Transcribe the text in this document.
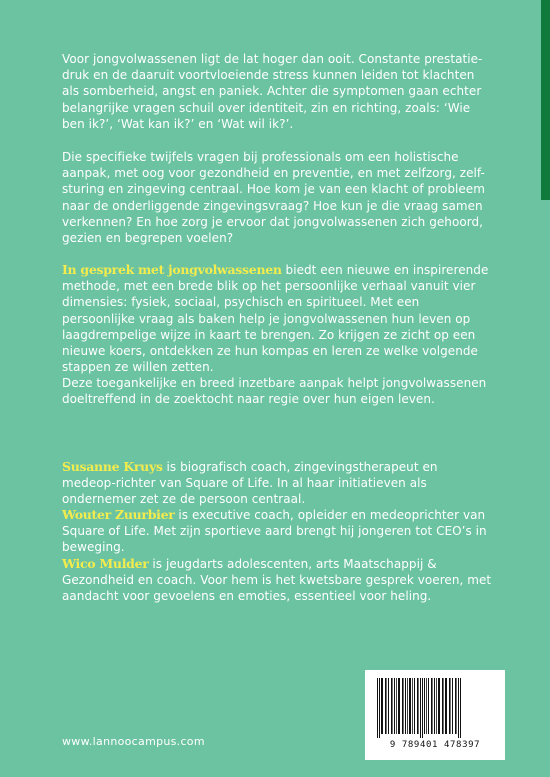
Voor jongvolwassenen ligt de lat hoger dan ooit. Constante prestatie-druk en de daaruit voortvloeiende stress kunnen leiden tot klachten als somberheid, angst en paniek. Achter die symptomen gaan echter belangrijke vragen schuil over identiteit, zin en richting, zoals: ‘Wie ben ik?’, ‘Wat kan ik?’ en ‘Wat wil ik?’.

Die specifieke twijfels vragen bij professionals om een holistische aanpak, met oog voor gezondheid en preventie, en met zelfzorg, zelf-sturing en zingeving centraal. Hoe kom je van een klacht of probleem naar de onderliggende zingevingsvraag? Hoe kun je die vraag samen verkennen? En hoe zorg je ervoor dat jongvolwassenen zich gehoord, gezien en begrepen voelen?

In gesprek met jongvolwassenen biedt een nieuwe en inspirerende methode, met een brede blik op het persoonlijke verhaal vanuit vier dimensies: fysiek, sociaal, psychisch en spiritueel. Met een persoonlijke vraag als baken help je jongvolwassenen hun leven op laagdrempelige wijze in kaart te brengen. Zo krijgen ze zicht op een nieuwe koers, ontdekken ze hun kompas en leren ze welke volgende stappen ze willen zetten.

Deze toegankelijke en breed inzetbare aanpak helpt jongvolwassenen doeltreffend in de zoektocht naar regie over hun eigen leven.

Susanne Kruys is biografisch coach, zingevingstherapeut en medeop-richter van Square of Life. In al haar initiatieven als ondernemer zet ze de persoon centraal.

Wouter Zuurbier is executive coach, opleider en medeoprichter van Square of Life. Met zijn sportieve aard brengt hij jongeren tot CEO’s in beweging.

Wico Mulder is jeugdarts adolescenten, arts Maatschappij & Gezondheid en coach. Voor hem is het kwetsbare gesprek voeren, met aandacht voor gevoelens en emoties, essentieel voor heling.

9 789401 478397
www.lannoocampus.com
